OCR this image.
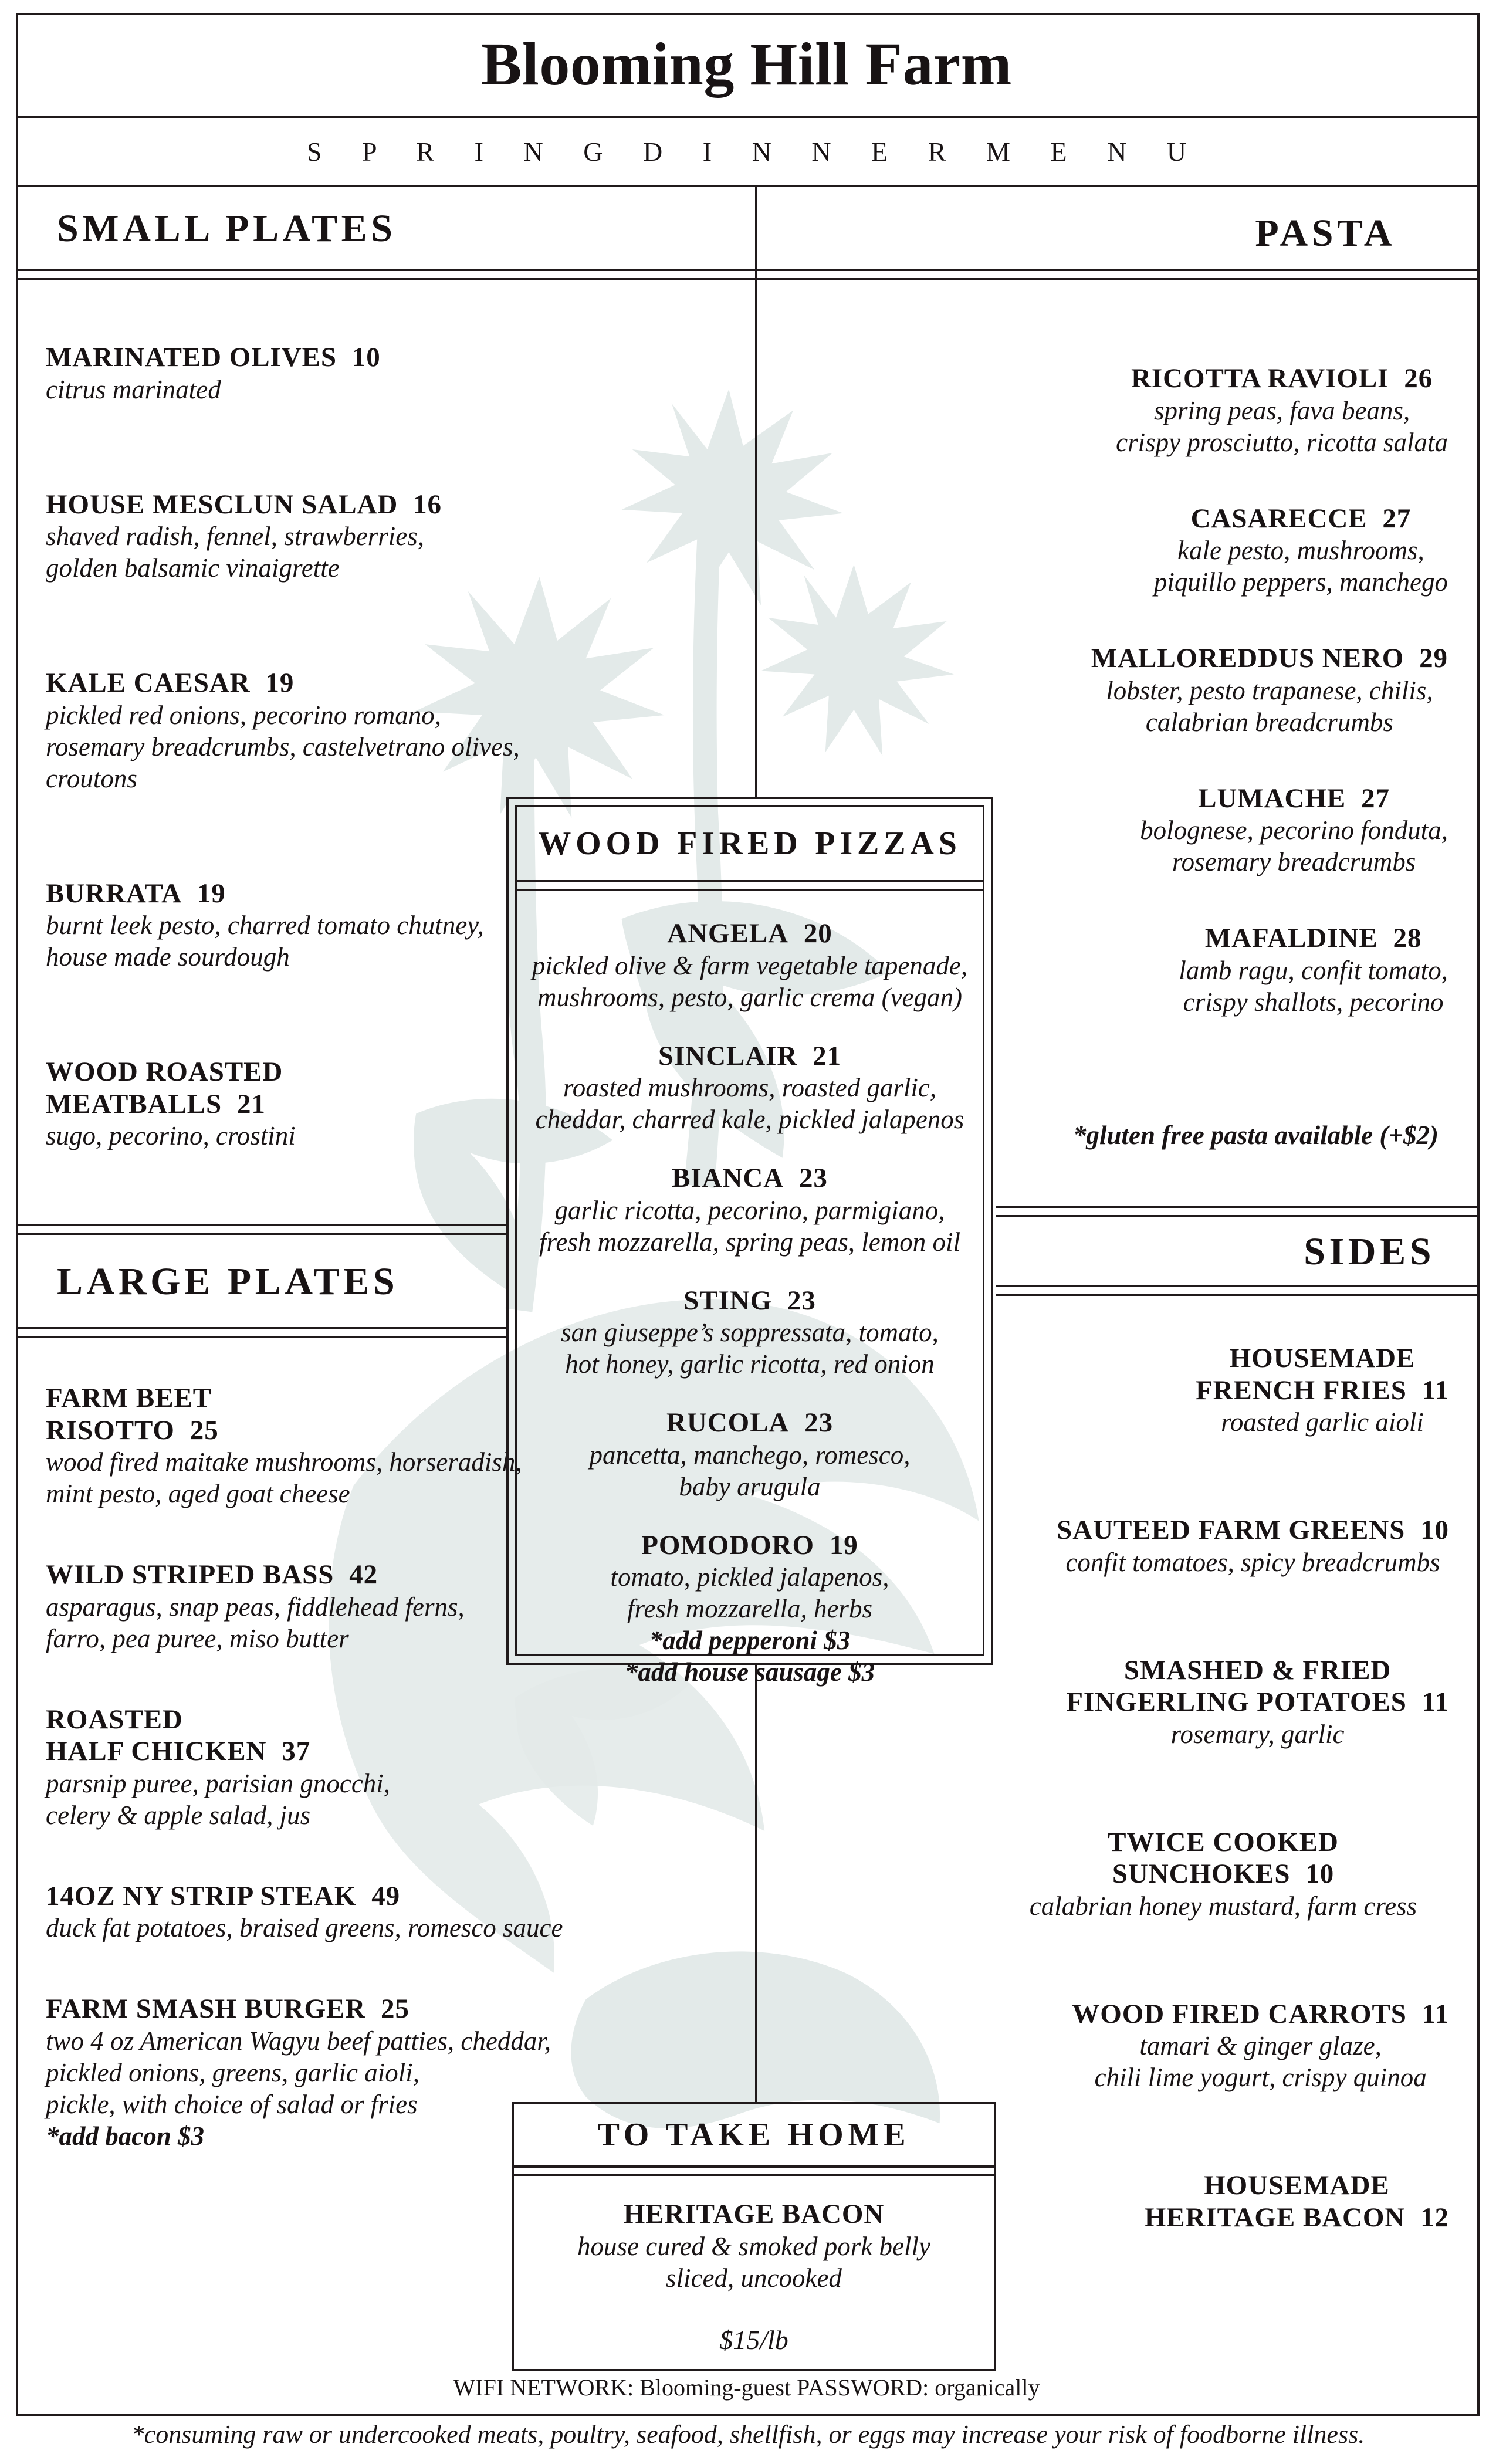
Blooming Hill Farm
S P R I N G D I N N E R M E N U
SMALL PLATES	PASTA
MARINATED OLIVES 10
citrus marinated
HOUSE MESCLUN SALAD 16
shaved radish, fennel, strawberries,
golden balsamic vinaigrette
KALE CAESAR 19
pickled red onions, pecorino romano,
rosemary breadcrumbs, castelvetrano olives,
croutons
BURRATA 19
burnt leek pesto, charred tomato chutney,
house made sourdough
WOOD ROASTED
MEATBALLS 21
sugo, pecorino, crostini
RICOTTA RAVIOLI 26
spring peas, fava beans,
crispy prosciutto, ricotta salata
CASARECCE 27
kale pesto, mushrooms,
piquillo peppers, manchego
MALLOREDDUS NERO 29
lobster, pesto trapanese, chilis,
calabrian breadcrumbs
LUMACHE 27
bolognese, pecorino fonduta,
rosemary breadcrumbs
MAFALDINE 28
lamb ragu, confit tomato,
crispy shallots, pecorino
*gluten free pasta available (+$2)
LARGE PLATES
FARM BEET
RISOTTO 25
wood fired maitake mushrooms, horseradish,
mint pesto, aged goat cheese
WILD STRIPED BASS 42
asparagus, snap peas, fiddlehead ferns,
farro, pea puree, miso butter
ROASTED
HALF CHICKEN 37
parsnip puree, parisian gnocchi,
celery & apple salad, jus
14OZ NY STRIP STEAK 49
duck fat potatoes, braised greens, romesco sauce
FARM SMASH BURGER 25
two 4 oz American Wagyu beef patties, cheddar,
pickled onions, greens, garlic aioli,
pickle, with choice of salad or fries
*add bacon $3
SIDES
HOUSEMADE
FRENCH FRIES 11
roasted garlic aioli
SAUTEED FARM GREENS 10
confit tomatoes, spicy breadcrumbs
SMASHED & FRIED
FINGERLING POTATOES 11
rosemary, garlic
TWICE COOKED SUNCHOKES 10
calabrian honey mustard, farm cress
WOOD FIRED CARROTS 11
tamari & ginger glaze,
chili lime yogurt, crispy quinoa
HOUSEMADE
HERITAGE BACON 12
WOOD FIRED PIZZAS
ANGELA 20
pickled olive & farm vegetable tapenade,
mushrooms, pesto, garlic crema (vegan)
SINCLAIR 21
roasted mushrooms, roasted garlic,
cheddar, charred kale, pickled jalapenos
BIANCA 23
garlic ricotta, pecorino, parmigiano,
fresh mozzarella, spring peas, lemon oil
STING 23
san giuseppe’s soppressata, tomato,
hot honey, garlic ricotta, red onion
RUCOLA 23
pancetta, manchego, romesco,
baby arugula
POMODORO 19
tomato, pickled jalapenos,
fresh mozzarella, herbs
*add pepperoni $3
*add house sausage $3
TO TAKE HOME
HERITAGE BACON
house cured & smoked pork belly
sliced, uncooked
$15/lb
WIFI NETWORK: Blooming-guest PASSWORD: organically
*consuming raw or undercooked meats, poultry, seafood, shellfish, or eggs may increase your risk of foodborne illness.
